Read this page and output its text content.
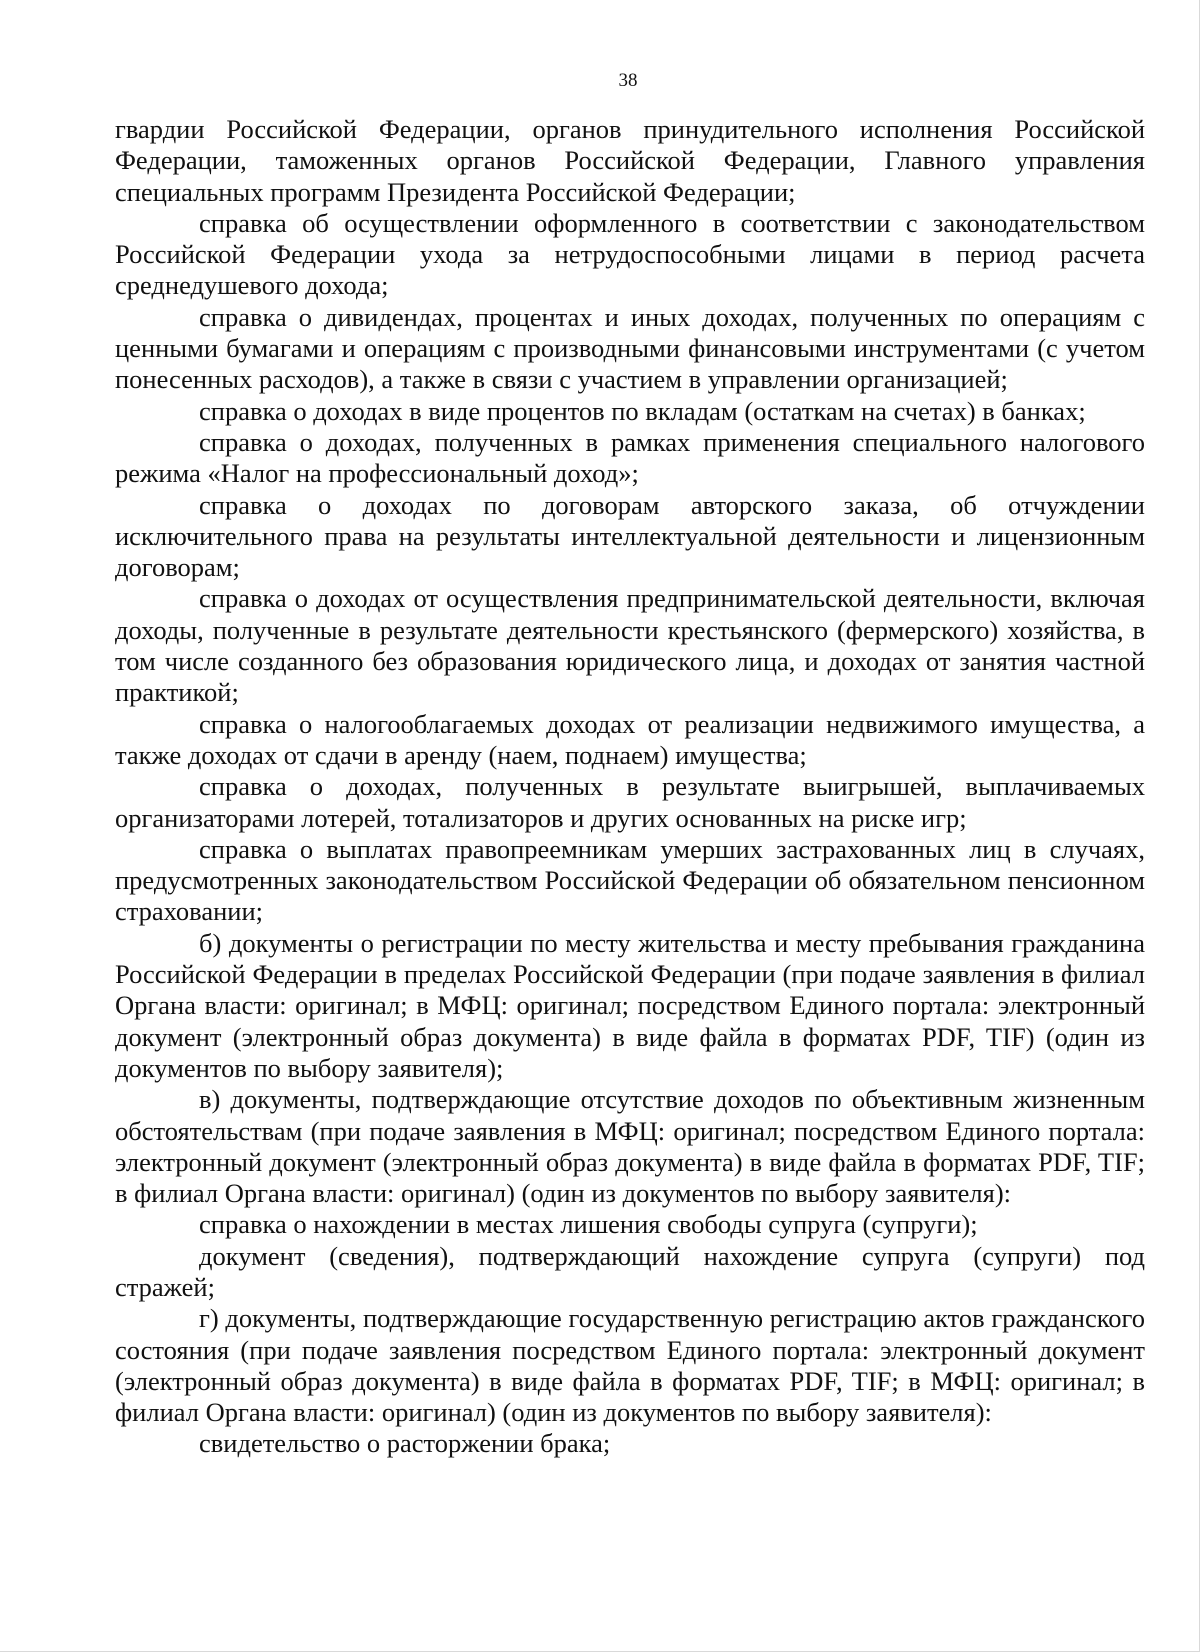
38

гвардии Российской Федерации, органов принудительного исполнения Российской Федерации, таможенных органов Российской Федерации, Главного управления специальных программ Президента Российской Федерации;

справка об осуществлении оформленного в соответствии с законодательством Российской Федерации ухода за нетрудоспособными лицами в период расчета среднедушевого дохода;

справка о дивидендах, процентах и иных доходах, полученных по операциям с ценными бумагами и операциям с производными финансовыми инструментами (с учетом понесенных расходов), а также в связи с участием в управлении организацией;

справка о доходах в виде процентов по вкладам (остаткам на счетах) в банках;

справка о доходах, полученных в рамках применения специального налогового режима «Налог на профессиональный доход»;

справка о доходах по договорам авторского заказа, об отчуждении исключительного права на результаты интеллектуальной деятельности и лицензионным договорам;

справка о доходах от осуществления предпринимательской деятельности, включая доходы, полученные в результате деятельности крестьянского (фермерского) хозяйства, в том числе созданного без образования юридического лица, и доходах от занятия частной практикой;

справка о налогооблагаемых доходах от реализации недвижимого имущества, а также доходах от сдачи в аренду (наем, поднаем) имущества;

справка о доходах, полученных в результате выигрышей, выплачиваемых организаторами лотерей, тотализаторов и других основанных на риске игр;

справка о выплатах правопреемникам умерших застрахованных лиц в случаях, предусмотренных законодательством Российской Федерации об обязательном пенсионном страховании;

б) документы о регистрации по месту жительства и месту пребывания гражданина Российской Федерации в пределах Российской Федерации (при подаче заявления в филиал Органа власти: оригинал; в МФЦ: оригинал; посредством Единого портала: электронный документ (электронный образ документа) в виде файла в форматах PDF, TIF) (один из документов по выбору заявителя);

в) документы, подтверждающие отсутствие доходов по объективным жизненным обстоятельствам (при подаче заявления в МФЦ: оригинал; посредством Единого портала: электронный документ (электронный образ документа) в виде файла в форматах PDF, TIF; в филиал Органа власти: оригинал) (один из документов по выбору заявителя):

справка о нахождении в местах лишения свободы супруга (супруги);

документ (сведения), подтверждающий нахождение супруга (супруги) под стражей;

г) документы, подтверждающие государственную регистрацию актов гражданского состояния (при подаче заявления посредством Единого портала: электронный документ (электронный образ документа) в виде файла в форматах PDF, TIF; в МФЦ: оригинал; в филиал Органа власти: оригинал) (один из документов по выбору заявителя):

свидетельство о расторжении брака;
